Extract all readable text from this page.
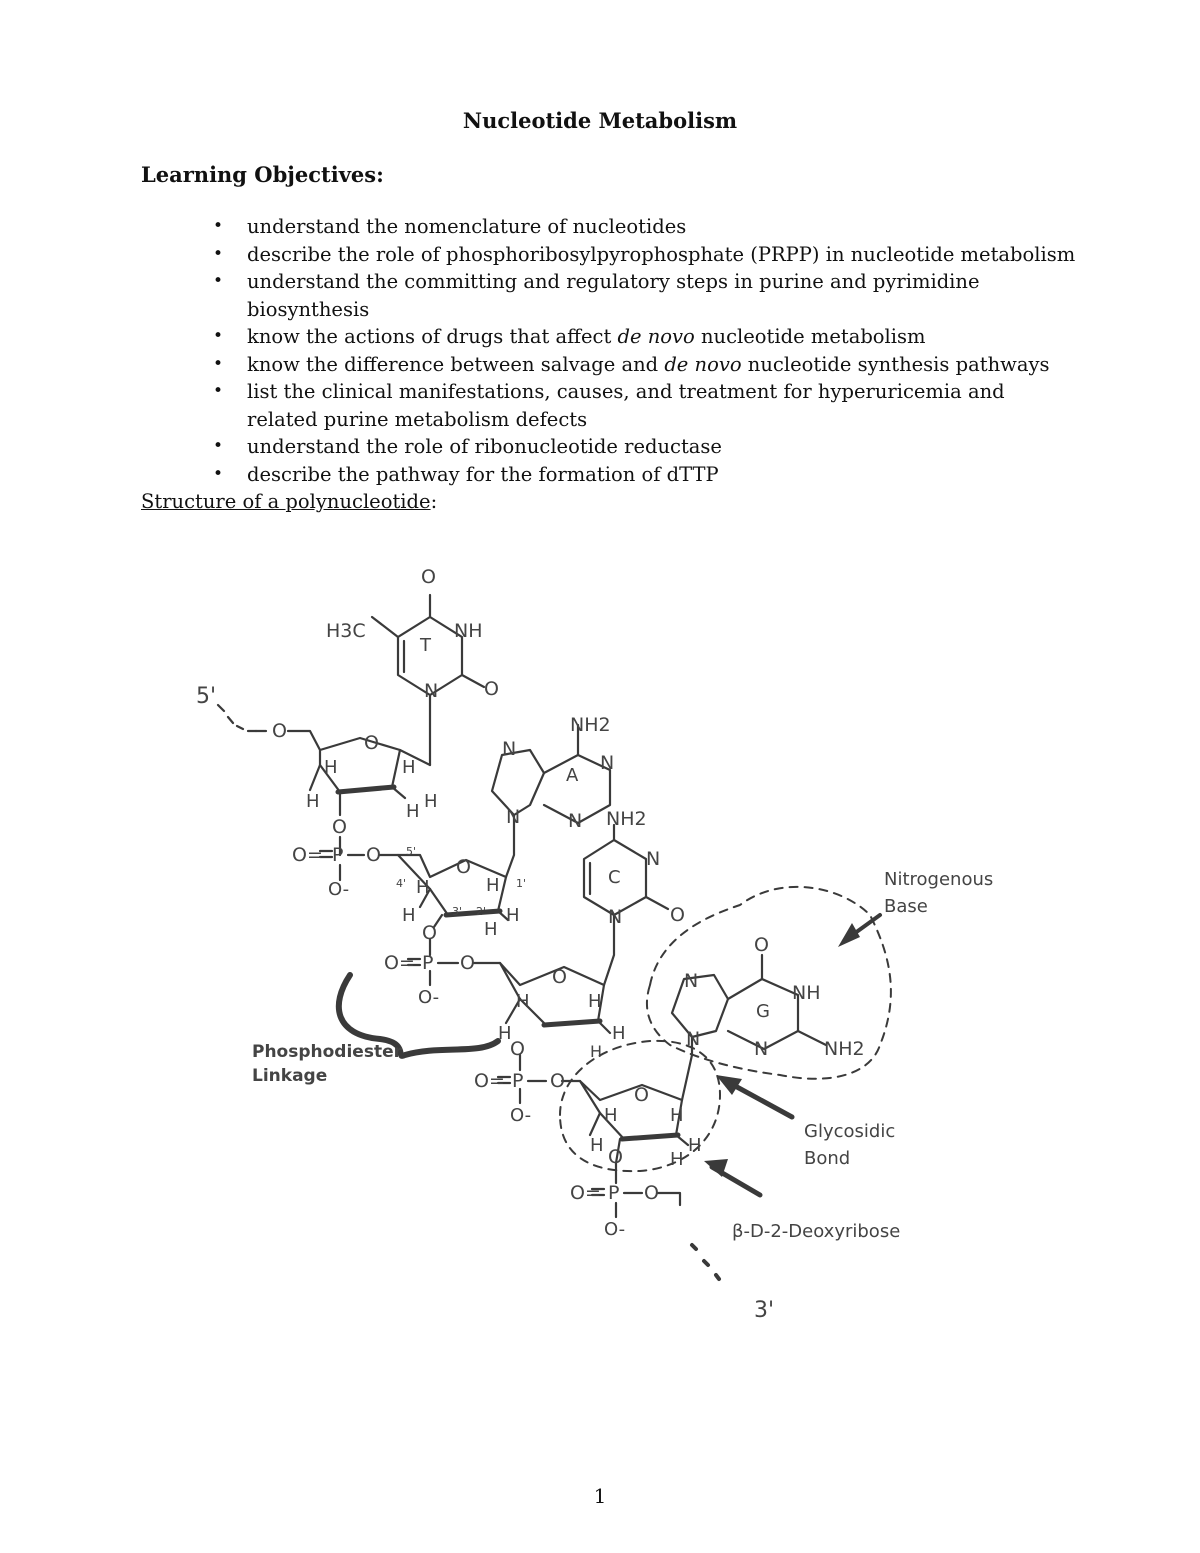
Nucleotide Metabolism
Learning Objectives:
• understand the nomenclature of nucleotides
• describe the role of phosphoribosylpyrophosphate (PRPP) in nucleotide metabolism
• understand the committing and regulatory steps in purine and pyrimidine biosynthesis
• know the actions of drugs that affect de novo nucleotide metabolism
• know the difference between salvage and de novo nucleotide synthesis pathways
• list the clinical manifestations, causes, and treatment for hyperuricemia and related purine metabolism defects
• understand the role of ribonucleotide reductase
• describe the pathway for the formation of dTTP
Structure of a polynucleotide:
5'
3'
O
O
H	H
H	H H
H3C
O
NH
T
N O
O
O= P O
O-
5'
NH2
N
N
A
N	N
O
4'	1'
3' 2'
H	H
H	H
H
O
O= P O
O-
NH2
N
C
N	O
O
H	H
H	H
O	H
O= P O
O-
O
N
NH
G
N	N	NH2
O
H	H
H	H
H
O
O= P O
O-
Nitrogenous
Base
Phosphodiester
Linkage
Glycosidic
Bond
β-D-2-Deoxyribose
1
